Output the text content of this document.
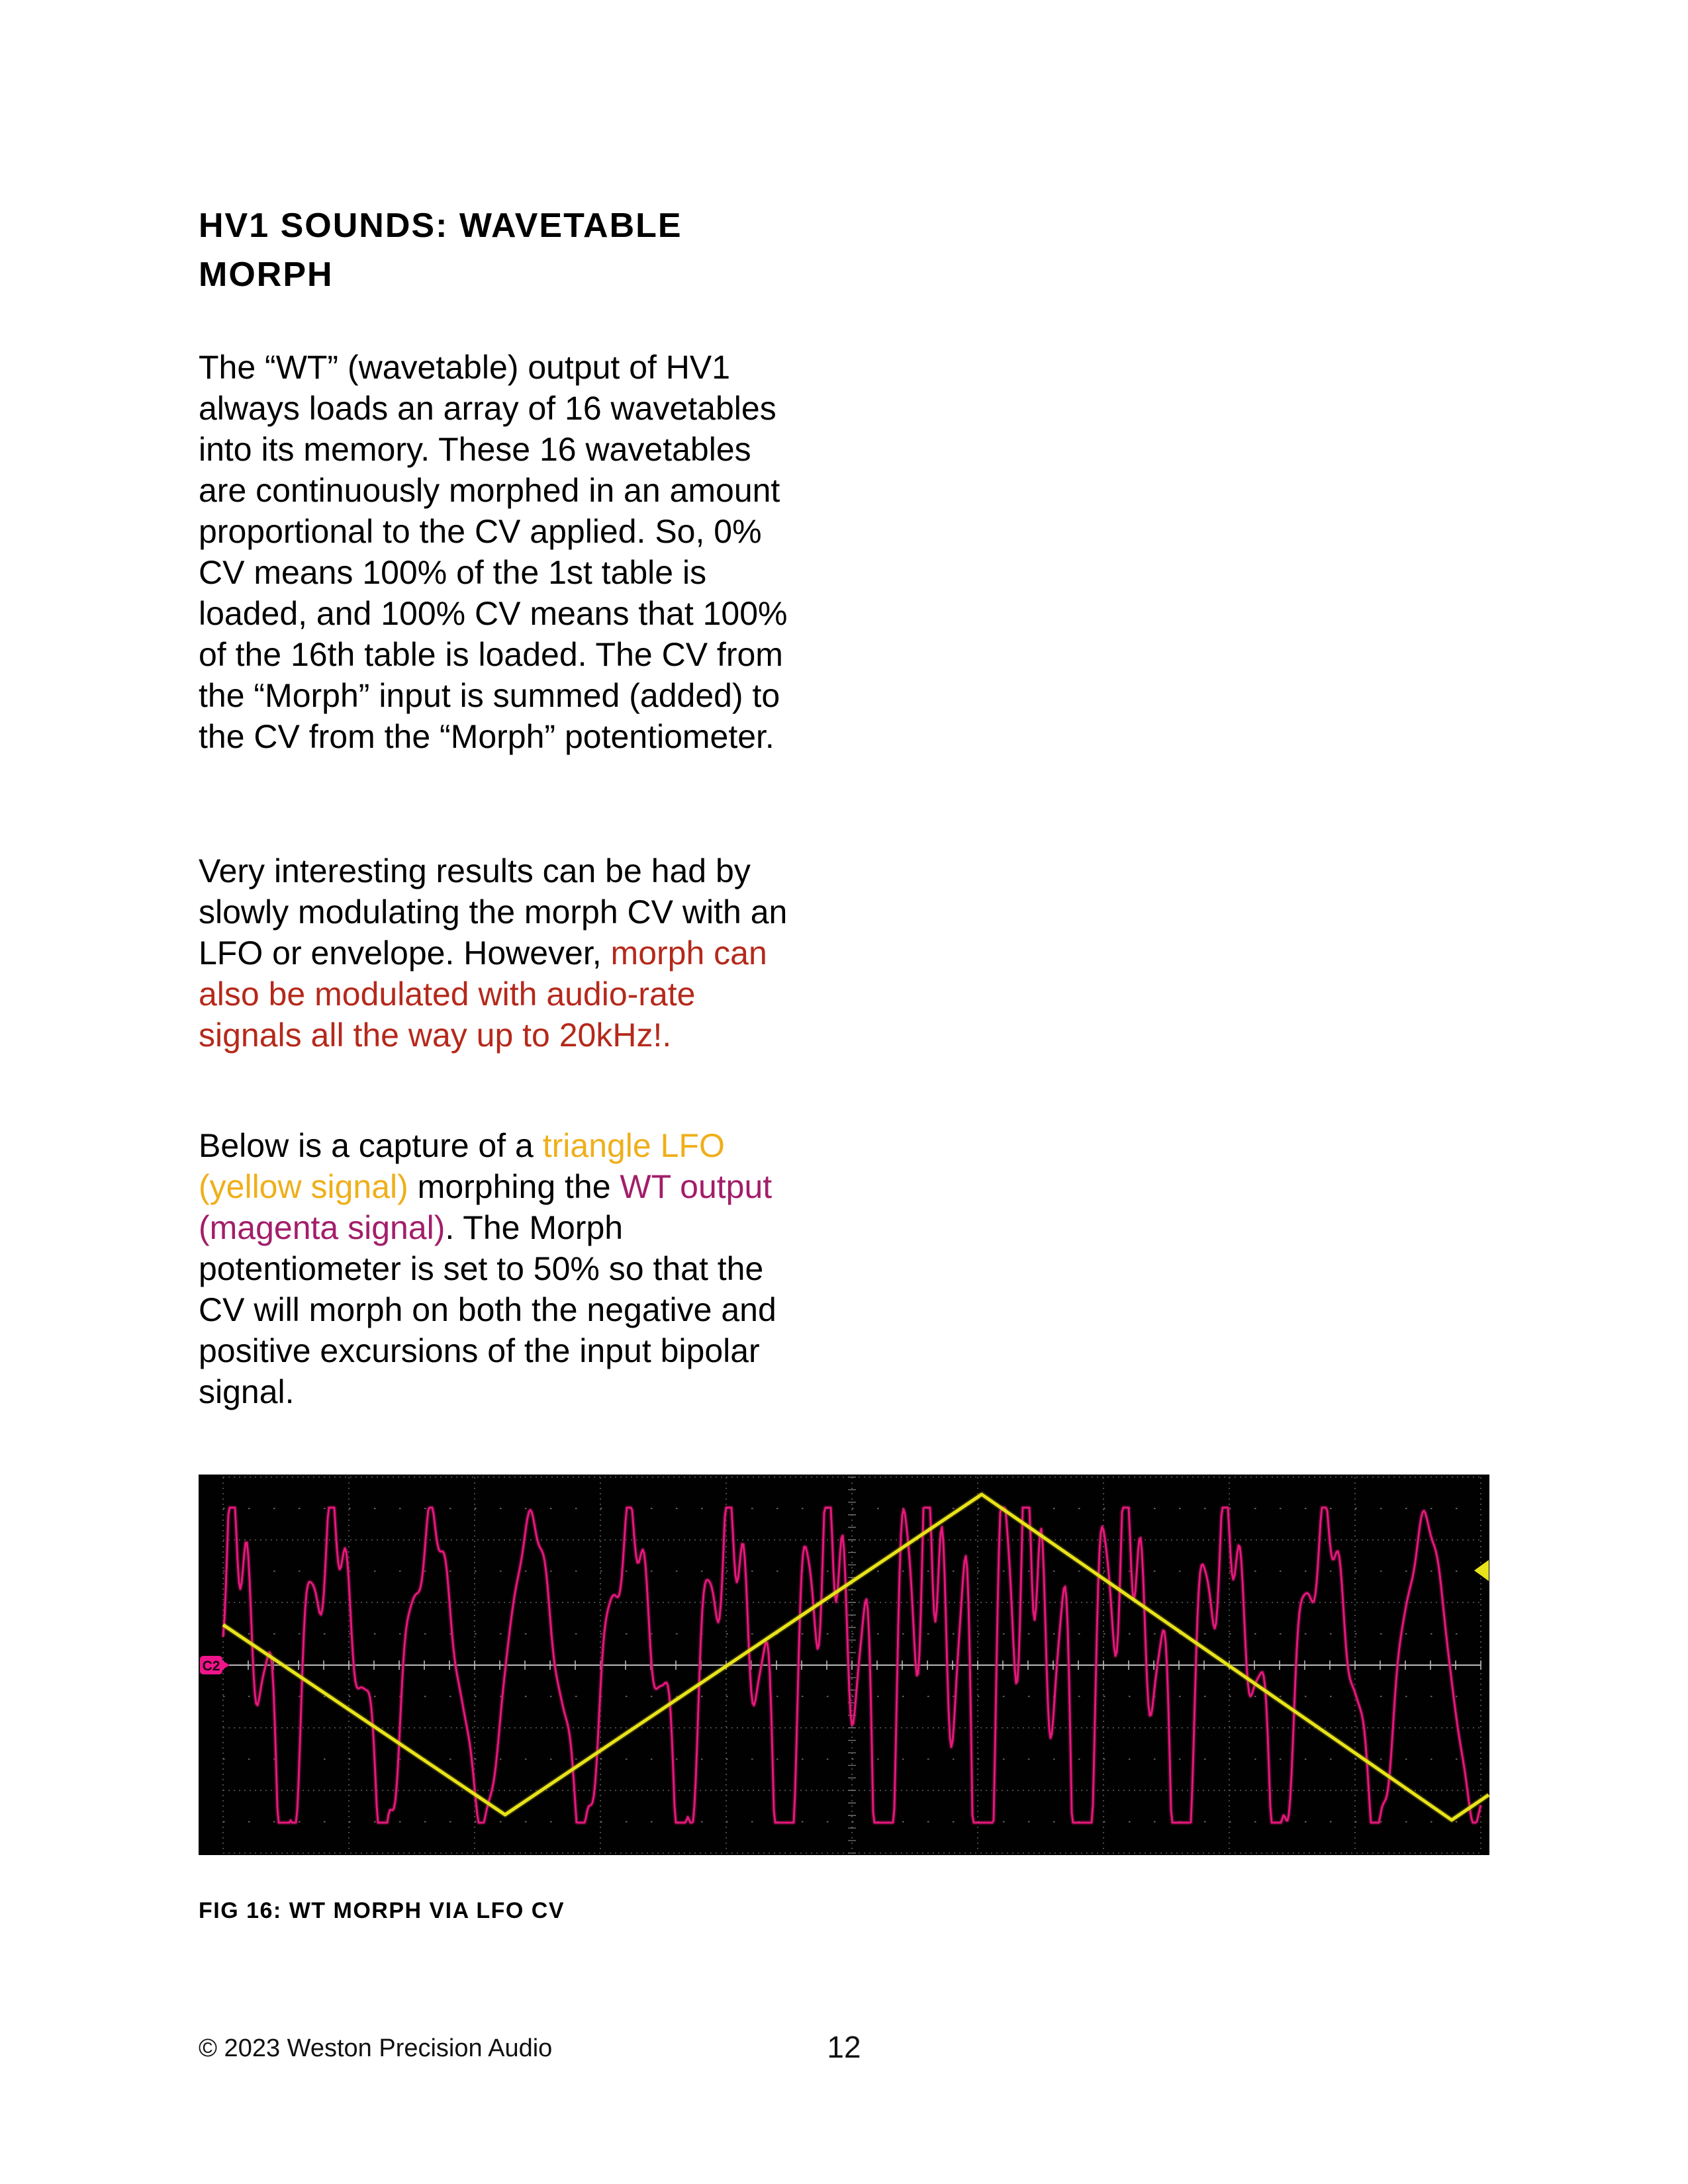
HV1 SOUNDS: WAVETABLE
MORPH
The “WT” (wavetable) output of HV1
always loads an array of 16 wavetables
into its memory. These 16 wavetables
are continuously morphed in an amount
proportional to the CV applied. So, 0%
CV means 100% of the 1st table is
loaded, and 100% CV means that 100%
of the 16th table is loaded. The CV from
the “Morph” input is summed (added) to
the CV from the “Morph” potentiometer.
Very interesting results can be had by
slowly modulating the morph CV with an
LFO or envelope. However, morph can
also be modulated with audio-rate
signals all the way up to 20kHz!.
Below is a capture of a triangle LFO
(yellow signal) morphing the WT output
(magenta signal). The Morph
potentiometer is set to 50% so that the
CV will morph on both the negative and
positive excursions of the input bipolar
signal.
C2
FIG 16: WT MORPH VIA LFO CV
© 2023 Weston Precision Audio	12
